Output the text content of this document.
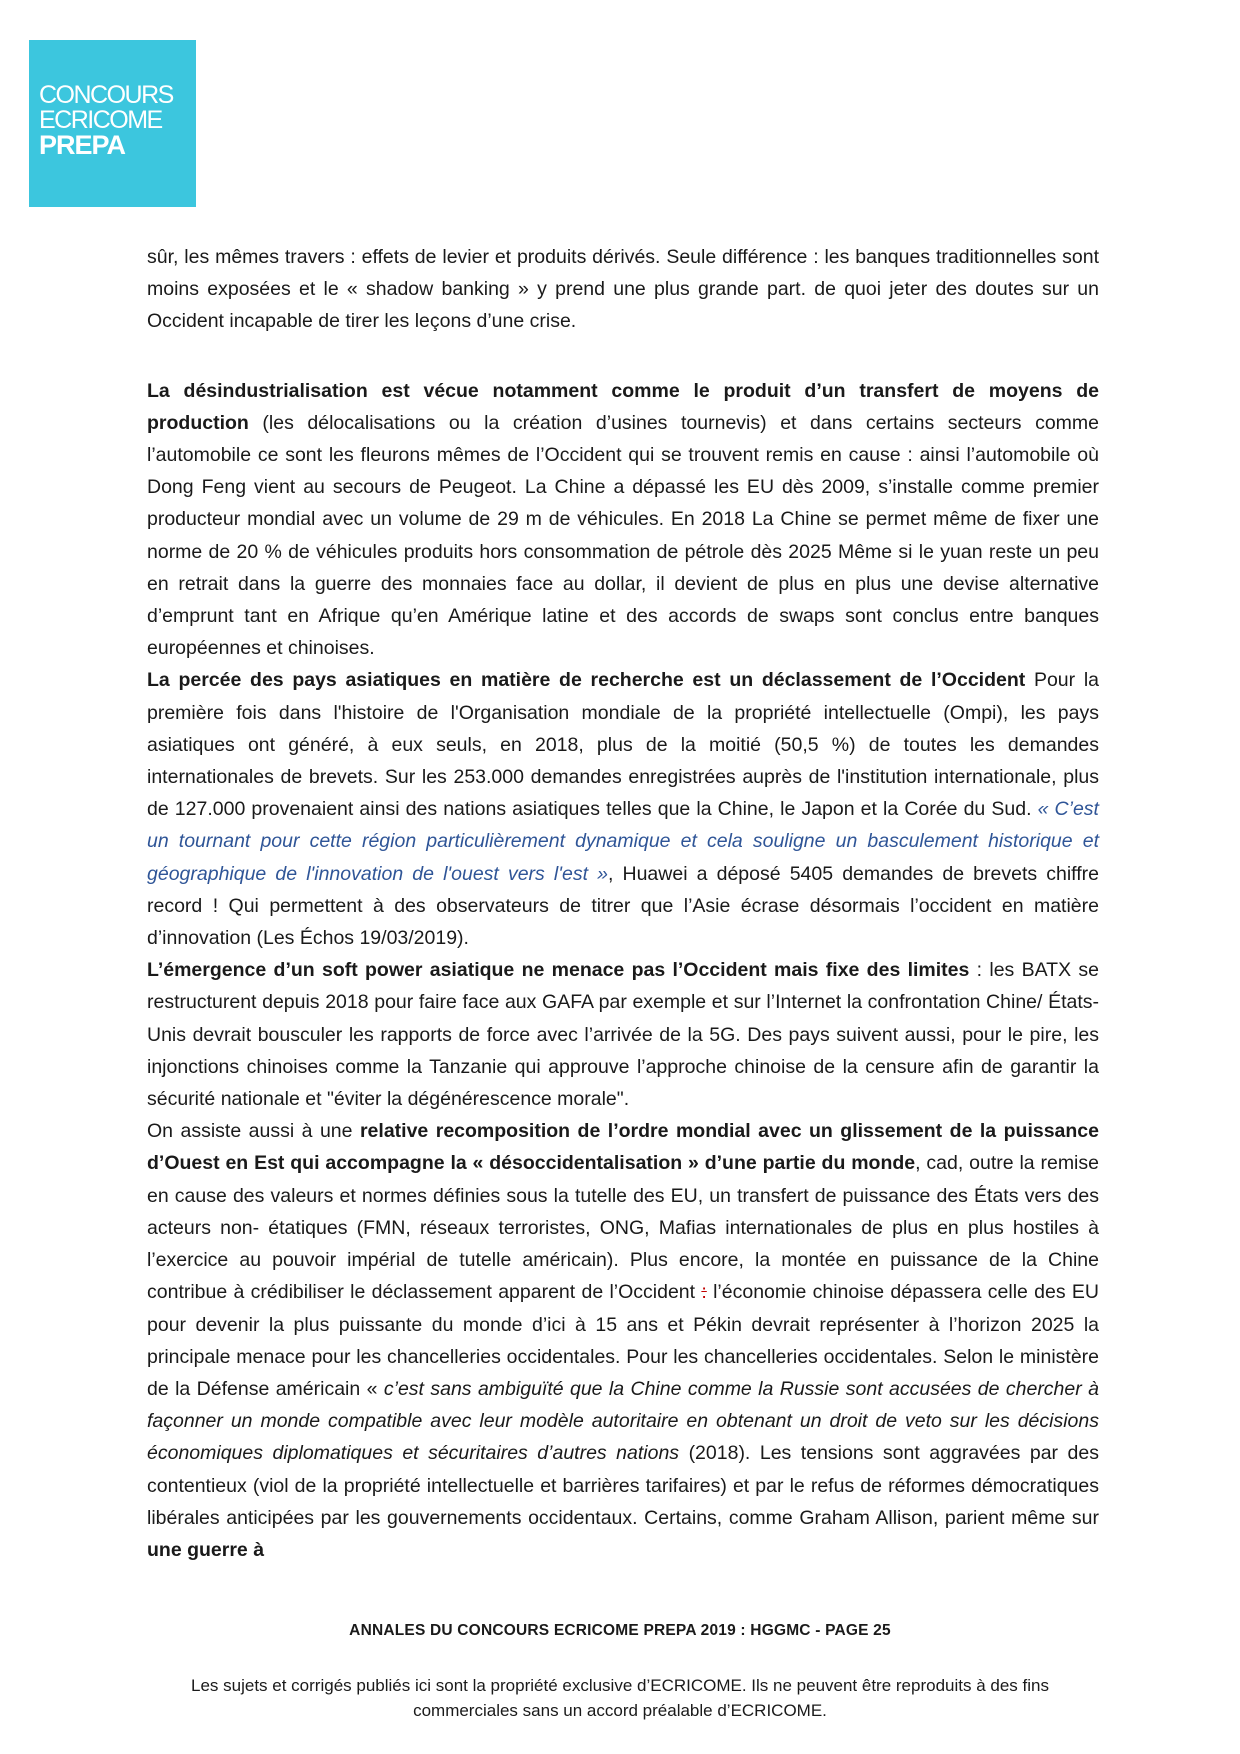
CONCOURS
ECRICOME
PREPA

sûr, les mêmes travers : effets de levier et produits dérivés. Seule différence : les banques traditionnelles sont moins exposées et le « shadow banking » y prend une plus grande part. de quoi jeter des doutes sur un Occident incapable de tirer les leçons d’une crise.

La désindustrialisation est vécue notamment comme le produit d’un transfert de moyens de production (les délocalisations ou la création d’usines tournevis) et dans certains secteurs comme l’automobile ce sont les fleurons mêmes de l’Occident qui se trouvent remis en cause : ainsi l’automobile où Dong Feng vient au secours de Peugeot. La Chine a dépassé les EU dès 2009, s’installe comme premier producteur mondial avec un volume de 29 m de véhicules. En 2018 La Chine se permet même de fixer une norme de 20 % de véhicules produits hors consommation de pétrole dès 2025 Même si le yuan reste un peu en retrait dans la guerre des monnaies face au dollar, il devient de plus en plus une devise alternative d’emprunt tant en Afrique qu’en Amérique latine et des accords de swaps sont conclus entre banques européennes et chinoises.

La percée des pays asiatiques en matière de recherche est un déclassement de l’Occident Pour la première fois dans l'histoire de l'Organisation mondiale de la propriété intellectuelle (Ompi), les pays asiatiques ont généré, à eux seuls, en 2018, plus de la moitié (50,5 %) de toutes les demandes internationales de brevets. Sur les 253.000 demandes enregistrées auprès de l'institution internationale, plus de 127.000 provenaient ainsi des nations asiatiques telles que la Chine, le Japon et la Corée du Sud. « C’est un tournant pour cette région particulièrement dynamique et cela souligne un basculement historique et géographique de l'innovation de l'ouest vers l'est », Huawei a déposé 5405 demandes de brevets chiffre record ! Qui permettent à des observateurs de titrer que l’Asie écrase désormais l’occident en matière d’innovation (Les Échos 19/03/2019).

L’émergence d’un soft power asiatique ne menace pas l’Occident mais fixe des limites : les BATX se restructurent depuis 2018 pour faire face aux GAFA par exemple et sur l’Internet la confrontation Chine/ États-Unis devrait bousculer les rapports de force avec l’arrivée de la 5G. Des pays suivent aussi, pour le pire, les injonctions chinoises comme la Tanzanie qui approuve l’approche chinoise de la censure afin de garantir la sécurité nationale et "éviter la dégénérescence morale".

On assiste aussi à une relative recomposition de l’ordre mondial avec un glissement de la puissance d’Ouest en Est qui accompagne la « désoccidentalisation » d’une partie du monde, cad, outre la remise en cause des valeurs et normes définies sous la tutelle des EU, un transfert de puissance des États vers des acteurs non- étatiques (FMN, réseaux terroristes, ONG, Mafias internationales de plus en plus hostiles à l’exercice au pouvoir impérial de tutelle américain). Plus encore, la montée en puissance de la Chine contribue à crédibiliser le déclassement apparent de l’Occident : l’économie chinoise dépassera celle des EU pour devenir la plus puissante du monde d’ici à 15 ans et Pékin devrait représenter à l’horizon 2025 la principale menace pour les chancelleries occidentales. Pour les chancelleries occidentales. Selon le ministère de la Défense américain « c’est sans ambiguïté que la Chine comme la Russie sont accusées de chercher à façonner un monde compatible avec leur modèle autoritaire en obtenant un droit de veto sur les décisions économiques diplomatiques et sécuritaires d’autres nations (2018). Les tensions sont aggravées par des contentieux (viol de la propriété intellectuelle et barrières tarifaires) et par le refus de réformes démocratiques libérales anticipées par les gouvernements occidentaux. Certains, comme Graham Allison, parient même sur une guerre à

ANNALES DU CONCOURS ECRICOME PREPA 2019 : HGGMC - PAGE 25
Les sujets et corrigés publiés ici sont la propriété exclusive d’ECRICOME. Ils ne peuvent être reproduits à des fins commerciales sans un accord préalable d’ECRICOME.
